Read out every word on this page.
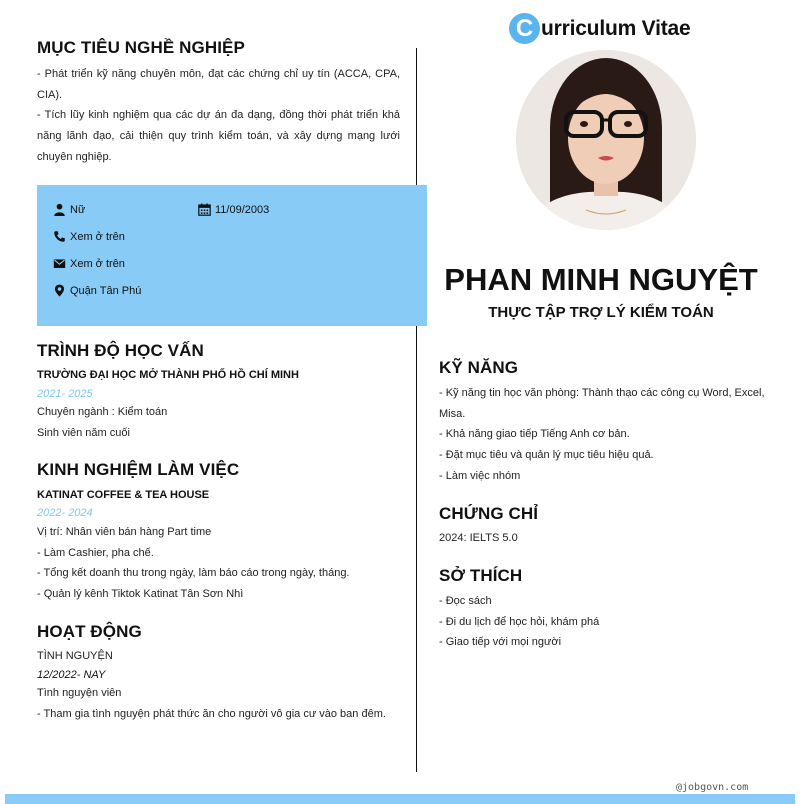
C urriculum Vitae
MỤC TIÊU NGHỀ NGHIỆP
- Phát triển kỹ năng chuyên môn, đạt các chứng chỉ uy tín (ACCA, CPA, CIA).
- Tích lũy kinh nghiệm qua các dự án đa dạng, đồng thời phát triển khả năng lãnh đạo, cải thiện quy trình kiểm toán, và xây dựng mạng lưới chuyên nghiệp.
Nữ	11/09/2003
Xem ở trên
Xem ở trên
Quận Tân Phú
TRÌNH ĐỘ HỌC VẤN
TRƯỜNG ĐẠI HỌC MỞ THÀNH PHỐ HỒ CHÍ MINH
2021- 2025
Chuyên ngành : Kiểm toán
Sinh viên năm cuối
KINH NGHIỆM LÀM VIỆC
KATINAT COFFEE & TEA HOUSE
2022- 2024
Vị trí: Nhân viên bán hàng Part time
- Làm Cashier, pha chế.
- Tổng kết doanh thu trong ngày, làm báo cáo trong ngày, tháng.
- Quản lý kênh Tiktok Katinat Tân Sơn Nhì
HOẠT ĐỘNG
TÌNH NGUYỆN
12/2022- NAY
Tình nguyện viên
- Tham gia tình nguyện phát thức ăn cho người vô gia cư vào ban đêm.
PHAN MINH NGUYỆT
THỰC TẬP TRỢ LÝ KIỂM TOÁN
KỸ NĂNG
- Kỹ năng tin học văn phòng: Thành thạo các công cụ Word, Excel, Misa.
- Khả năng giao tiếp Tiếng Anh cơ bản.
- Đặt mục tiêu và quản lý mục tiêu hiệu quả.
- Làm việc nhóm
CHỨNG CHỈ
2024: IELTS 5.0
SỞ THÍCH
- Đọc sách
- Đi du lịch để học hỏi, khám phá
- Giao tiếp với mọi người
@jobgovn.com
